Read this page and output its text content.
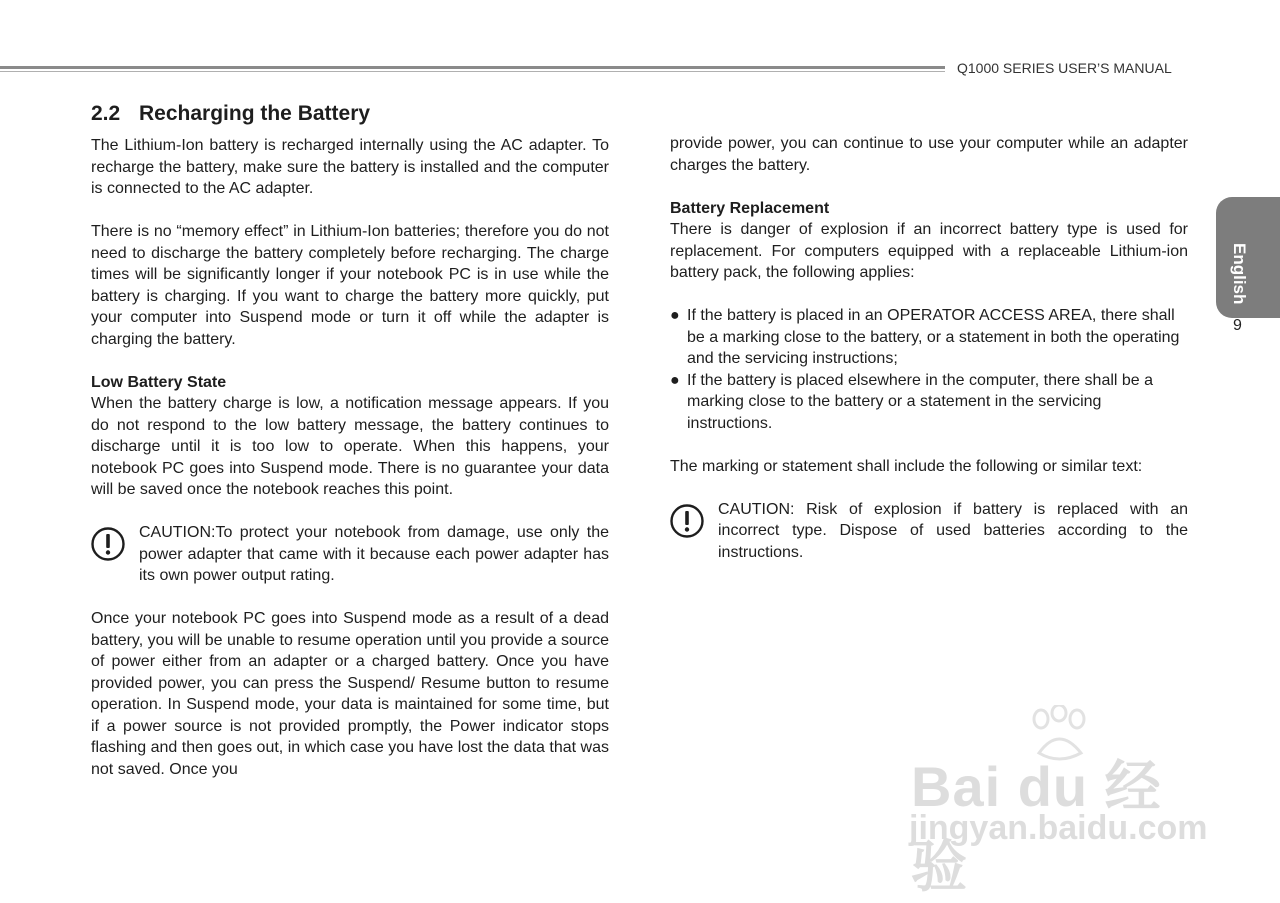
Q1000 SERIES USER’S MANUAL
9
2.2 Recharging the Battery

The Lithium-Ion battery is recharged internally using the AC adapter. To recharge the battery, make sure the battery is installed and the computer is connected to the AC adapter.

There is no “memory effect” in Lithium-Ion batteries; therefore you do not need to discharge the battery completely before recharging. The charge times will be significantly longer if your notebook PC is in use while the battery is charging. If you want to charge the battery more quickly, put your computer into Suspend mode or turn it off while the adapter is charging the battery.

Low Battery State

When the battery charge is low, a notification message appears. If you do not respond to the low battery message, the battery continues to discharge until it is too low to operate. When this happens, your notebook PC goes into Suspend mode. There is no guarantee your data will be saved once the notebook reaches this point.

CAUTION:To protect your notebook from damage, use only the power adapter that came with it because each power adapter has its own power output rating.

Once your notebook PC goes into Suspend mode as a result of a dead battery, you will be unable to resume operation until you provide a source of power either from an adapter or a charged battery. Once you have provided power, you can press the Suspend/ Resume button to resume operation. In Suspend mode, your data is maintained for some time, but if a power source is not provided promptly, the Power indicator stops flashing and then goes out, in which case you have lost the data that was not saved. Once you

provide power, you can continue to use your computer while an adapter charges the battery.

Battery Replacement

There is danger of explosion if an incorrect battery type is used for replacement. For computers equipped with a replaceable Lithium-ion battery pack, the following applies:

● If the battery is placed in an OPERATOR ACCESS AREA, there shall be a marking close to the battery, or a statement in both the operating and the servicing instructions;
● If the battery is placed elsewhere in the computer, there shall be a marking close to the battery or a statement in the servicing instructions.

The marking or statement shall include the following or similar text:

CAUTION: Risk of explosion if battery is replaced with an incorrect type. Dispose of used batteries according to the instructions.
Bai du 经验
jingyan.baidu.com
